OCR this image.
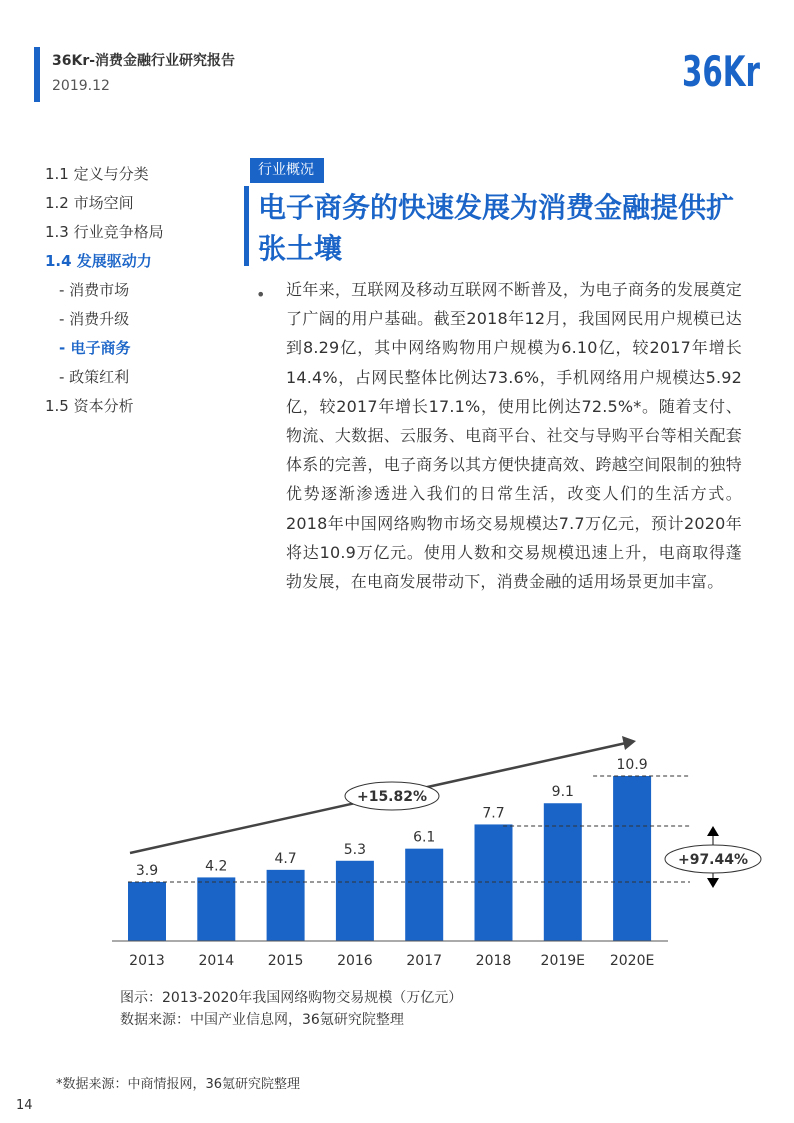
36Kr-消费金融行业研究报告
2019.12	36Kr
1.1 定义与分类
1.2 市场空间
1.3 行业竞争格局
1.4 发展驱动力
- 消费市场
- 消费升级
- 电子商务
- 政策红利
1.5 资本分析
行业概况
电子商务的快速发展为消费金融提供扩张土壤
• 近年来，互联网及移动互联网不断普及，为电子商务的发展奠定了广阔的用户基础。截至2018年12月，我国网民用户规模已达到8.29亿，其中网络购物用户规模为6.10亿，较2017年增长14.4%，占网民整体比例达73.6%，手机网络用户规模达5.92亿，较2017年增长17.1%，使用比例达72.5%*。随着支付、物流、大数据、云服务、电商平台、社交与导购平台等相关配套体系的完善，电子商务以其方便快捷高效、跨越空间限制的独特优势逐渐渗透进入我们的日常生活，改变人们的生活方式。2018年中国网络购物市场交易规模达7.7万亿元，预计2020年将达10.9万亿元。使用人数和交易规模迅速上升，电商取得蓬勃发展，在电商发展带动下，消费金融的适用场景更加丰富。

3.9
2013
4.2
2014
4.7
2015
5.3
2016
6.1
2017
7.7
2018
9.1
2019E
10.9
2020E
+97.44%
+15.82%
图示：2013-2020年我国网络购物交易规模（万亿元）
数据来源：中国产业信息网，36氪研究院整理
*数据来源：中商情报网，36氪研究院整理
14
